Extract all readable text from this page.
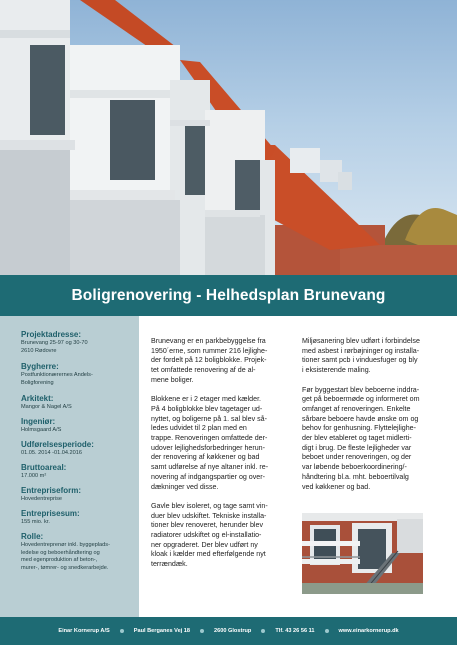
Boligrenovering - Helhedsplan Brunevang
Projektadresse:
Brunevang 25-97 og 30-70
2610 Rødovre
Bygherre:
Postfunktionærernes Andels-
Boligforening
Arkitekt:
Mangor & Nagel A/S
Ingeniør:
Holmsgaard A/S
Udførelsesperiode:
01.05. 2014 -01.04.2016
Bruttoareal:
17.000 m²
Entrepriseform:
Hovedentreprise
Entreprisesum:
155 mio. kr.
Rolle:
Hovedentreprenør inkl. byggeplads-
ledelse og beboerhåndtering og
med egenproduktion af beton-,
murer-, tømrer- og snedkerarbejde.

Brunevang er en parkbebyggelse fra
1950´erne, som rummer 216 lejlighe-
der fordelt på 12 boligblokke. Projek-
tet omfattede renovering af de al-
mene boliger.

Blokkene er i 2 etager med kælder.
På 4 boligblokke blev tagetager ud-
nyttet, og boligerne på 1. sal blev så-
ledes udvidet til 2 plan med en
trappe. Renoveringen omfattede der-
udover lejlighedsforbedringer herun-
der renovering af køkkener og bad
samt udførelse af nye altaner inkl. re-
novering af indgangspartier og over-
dækninger ved disse.

Gavle blev isoleret, og tage samt vin-
duer blev udskiftet. Tekniske installa-
tioner blev renoveret, herunder blev
radiatorer udskiftet og el-installatio-
ner opgraderet. Der blev udført ny
kloak i kælder med efterfølgende nyt
terrændæk.

Miljøsanering blev udført i forbindelse
med asbest i rørbøjninger og installa-
tioner samt pcb i vinduesfuger og bly
i eksisterende maling.

Før byggestart blev beboerne inddra-
get på beboermøde og informeret om
omfanget af renoveringen. Enkelte
sårbare beboere havde ønske om og
behov for genhusning. Flyttelejlighe-
der blev etableret og taget midlerti-
digt i brug. De fleste lejligheder var
beboet under renoveringen, og der
var løbende beboerkoordinering/-
håndtering bl.a. mht. beboertilvalg
ved køkkener og bad.

Einar Kornerup A/S	Paul Berganes Vej 18	2600 Glostrup	Tlf. 43 26 56 11	www.einarkornerup.dk
